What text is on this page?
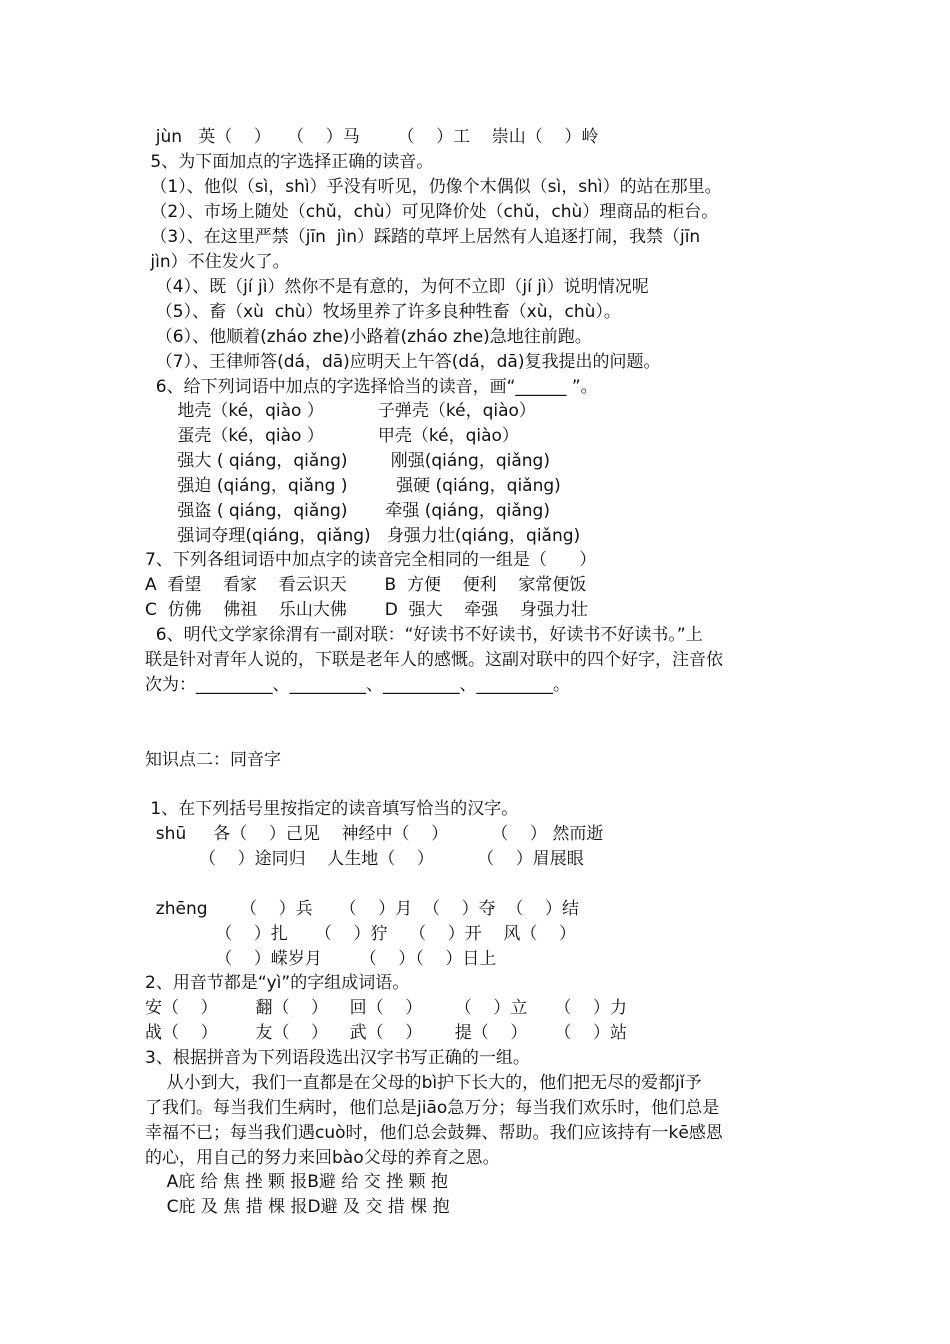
jùn   英（    ）   （    ）马       （    ）工    崇山（    ）岭
5、为下面加点的字选择正确的读音。
（1）、他似（sì，shì）乎没有听见，仍像个木偶似（sì，shì）的站在那里。
（2）、市场上随处（chǔ，chù）可见降价处（chǔ，chù）理商品的柜台。
（3）、在这里严禁（jīn  jìn）踩踏的草坪上居然有人追逐打闹，我禁（jīn
jìn）不住发火了。
（4）、既（jí jì）然你不是有意的，为何不立即（jí jì）说明情况呢
（5）、畜（xù  chù）牧场里养了许多良种牲畜（xù，chù）。
（6）、他顺着(zháo zhe)小路着(zháo zhe)急地往前跑。
（7）、王律师答(dá，dā)应明天上午答(dá，dā)复我提出的问题。
6、给下列词语中加点的字选择恰当的读音，画“______ ”。
地壳（ké，qiào ）          子弹壳（ké，qiào）
蛋壳（ké，qiào ）          甲壳（ké，qiào）
强大 ( qiáng，qiǎng)        刚强(qiáng，qiǎng)
强迫 (qiáng，qiǎng )         强硬 (qiáng，qiǎng)
强盗 ( qiáng，qiǎng)       牵强 (qiáng，qiǎng)
强词夺理(qiáng，qiǎng)   身强力壮(qiáng，qiǎng)
7、下列各组词语中加点字的读音完全相同的一组是（      ）
A  看望    看家    看云识天       B  方便    便利    家常便饭
C  仿佛    佛祖    乐山大佛       D  强大    牵强    身强力壮
6、明代文学家徐渭有一副对联：“好读书不好读书，好读书不好读书。”上
联是针对青年人说的，下联是老年人的感慨。这副对联中的四个好字，注音依
次为：_________、_________、_________、_________。
知识点二：同音字
1、在下列括号里按指定的读音填写恰当的汉字。
shū     各（    ）己见    神经中（    ）        （    ） 然而逝
（    ）途同归    人生地（    ）        （    ）眉展眼
zhēng      （    ）兵     （    ）月  （    ）夺  （    ）结
（    ）扎     （    ）狞    （    ）开    风（    ）
（    ）嵘岁月       （    ）（    ）日上
2、用音节都是“yì”的字组成词语。
安（    ）       翻（    ）    回（    ）      （    ）立     （    ）力
战（    ）       友（    ）    武（    ）      提（    ）     （    ）站
3、根据拼音为下列语段选出汉字书写正确的一组。
从小到大，我们一直都是在父母的bì护下长大的，他们把无尽的爱都jǐ予
了我们。每当我们生病时，他们总是jiāo急万分；每当我们欢乐时，他们总是
幸福不已；每当我们遇cuò时，他们总会鼓舞、帮助。我们应该持有一kē感恩
的心，用自己的努力来回bào父母的养育之恩。
A庇 给 焦 挫 颗 报B避 给 交 挫 颗 抱
C庇 及 焦 措 棵 报D避 及 交 措 棵 抱
